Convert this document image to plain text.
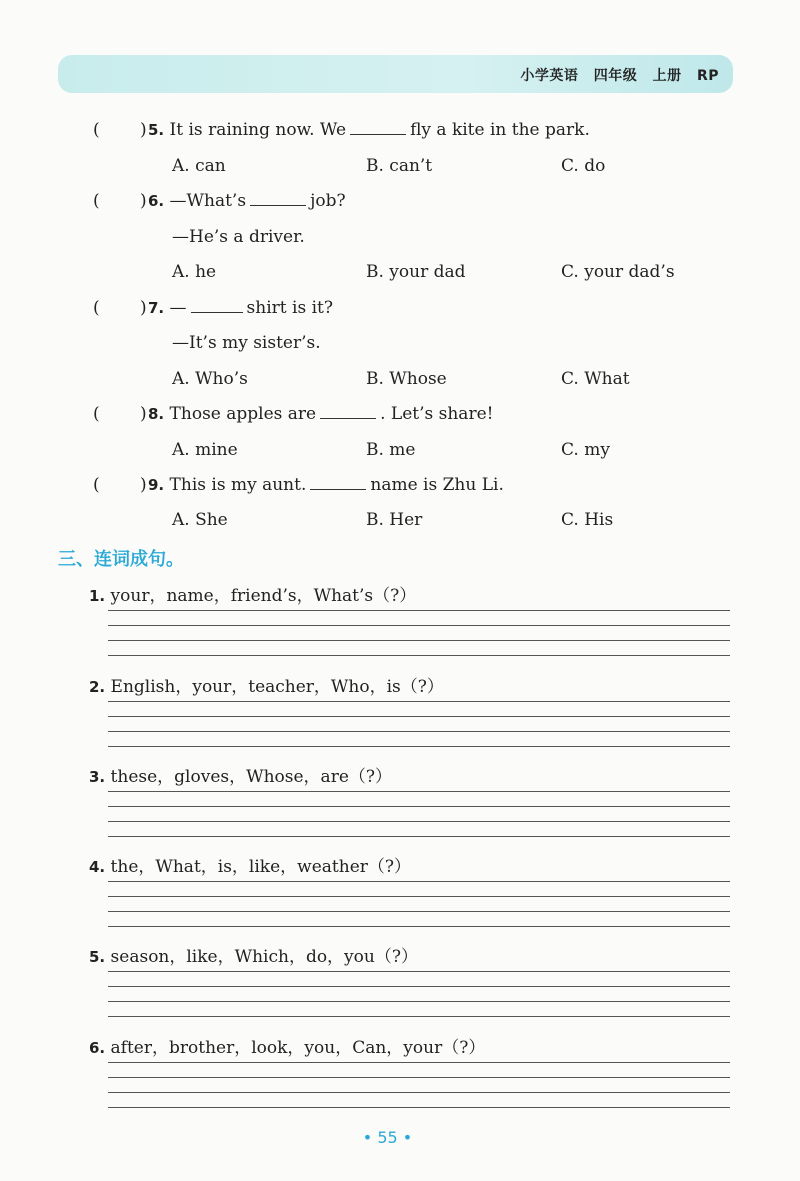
小学英语 四年级 上册 RP
( ) 5. It is raining now. We	fly a kite in the park.
A. can	B. can’t	C. do
( ) 6. —What’s	job?
—He’s a driver.
A. he	B. your dad	C. your dad’s
( ) 7. —	shirt is it?
—It’s my sister’s.
A. Who’s	B. Whose	C. What
( ) 8. Those apples are	. Let’s share!
A. mine	B. me	C. my
( ) 9. This is my aunt.	name is Zhu Li.
A. She	B. Her	C. His
三、连词成句。
1. your，name，friend’s，What’s（?）
2. English，your，teacher，Who，is（?）
3. these，gloves，Whose，are（?）
4. the，What，is，like，weather（?）
5. season，like，Which，do，you（?）
6. after，brother，look，you，Can，your（?）
• 55 •
